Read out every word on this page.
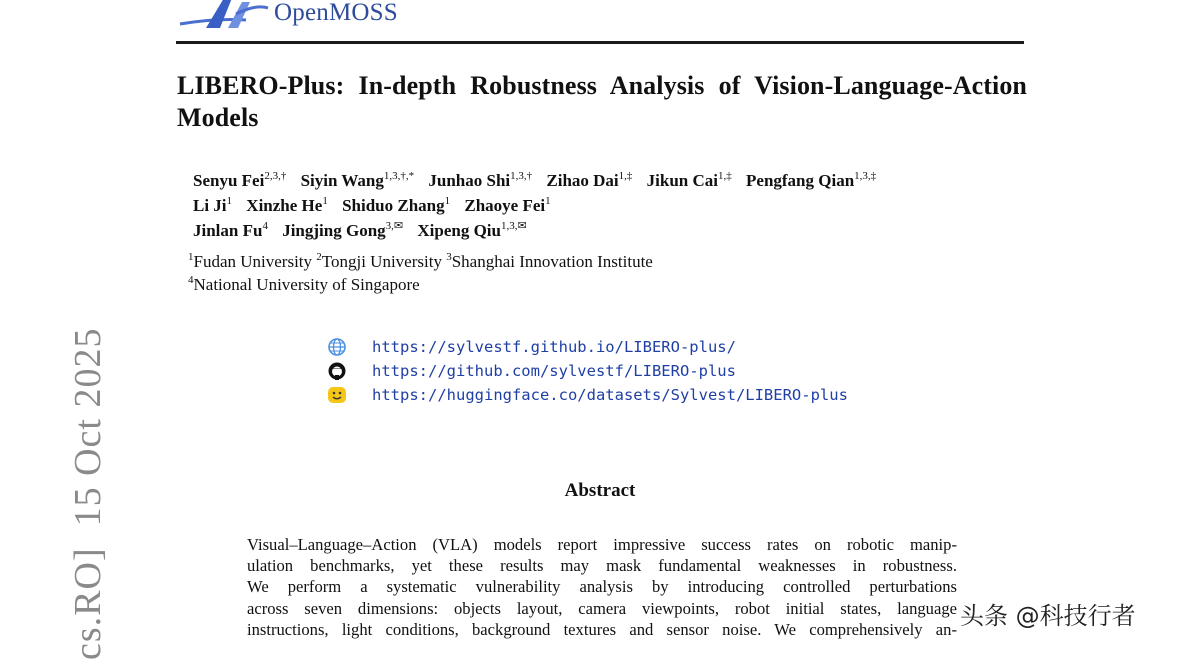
OpenMOSS
LIBERO-Plus: In-depth Robustness Analysis of Vision-Language-Action Models
Senyu Fei$^{2,3,\dagger}$ Siyin Wang$^{1,3,\dagger,*}$ Junhao Shi$^{1,3,\dagger}$ Zihao Dai$^{1,\ddagger}$ Jikun Cai$^{1,\ddagger}$ Pengfang Qian$^{1,3,\ddagger}$
Li Ji$^1$ Xinzhe He$^1$ Shiduo Zhang$^1$ Zhaoye Fei$^1$
Jinlan Fu$^4$ Jingjing Gong$^{3,✉}$ Xipeng Qiu$^{1,3,✉}$
$^1$Fudan University $^2$Tongji University $^3$Shanghai Innovation Institute
$^4$National University of Singapore
https://sylvestf.github.io/LIBERO-plus/
https://github.com/sylvestf/LIBERO-plus
https://huggingface.co/datasets/Sylvest/LIBERO-plus
Abstract
Visual–Language–Action (VLA) models report impressive success rates on robotic manip-
ulation benchmarks, yet these results may mask fundamental weaknesses in robustness.
We perform a systematic vulnerability analysis by introducing controlled perturbations
across seven dimensions: objects layout, camera viewpoints, robot initial states, language
instructions, light conditions, background textures and sensor noise. We comprehensively an-
cs.RO]  15 Oct 2025	头条 @科技行者
